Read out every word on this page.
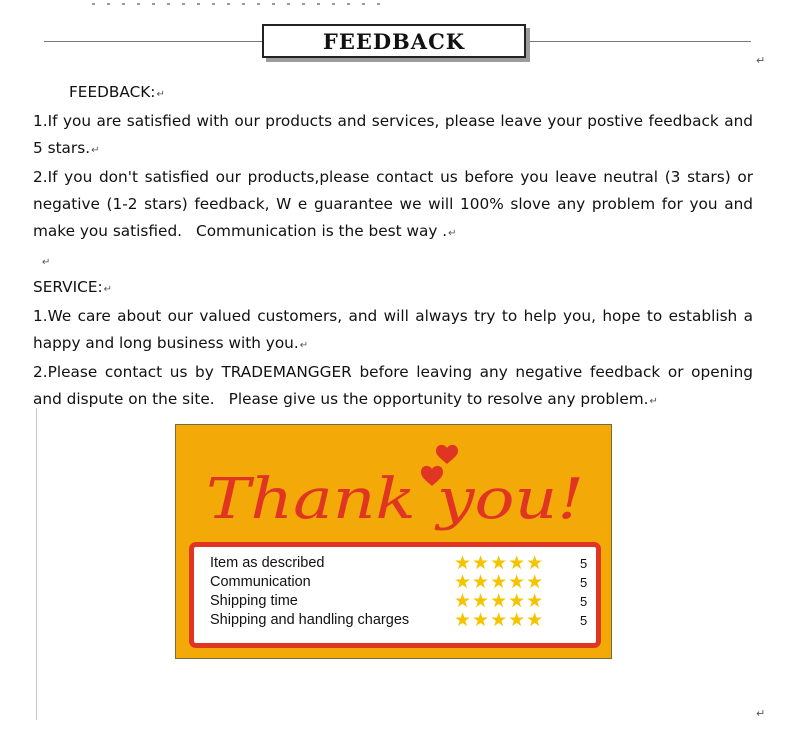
FEEDBACK
↵

FEEDBACK:↵

1.If you are satisfied with our products and services, please leave your postive feedback and 5 stars.↵

2.If you don't satisfied our products,please contact us before you leave neutral (3 stars) or negative (1-2 stars) feedback, W e guarantee we will 100% slove any problem for you and make you satisfied. Communication is the best way .↵

↵

SERVICE:↵

1.We care about our valued customers, and will always try to help you, hope to establish a happy and long business with you.↵

2.Please contact us by TRADEMANGGER before leaving any negative feedback or opening and dispute on the site. Please give us the opportunity to resolve any problem.↵

Thank you!
Item as described	★★★★★	5
Communication	★★★★★	5
Shipping time	★★★★★	5
Shipping and handling charges ★★★★★	5
↵
